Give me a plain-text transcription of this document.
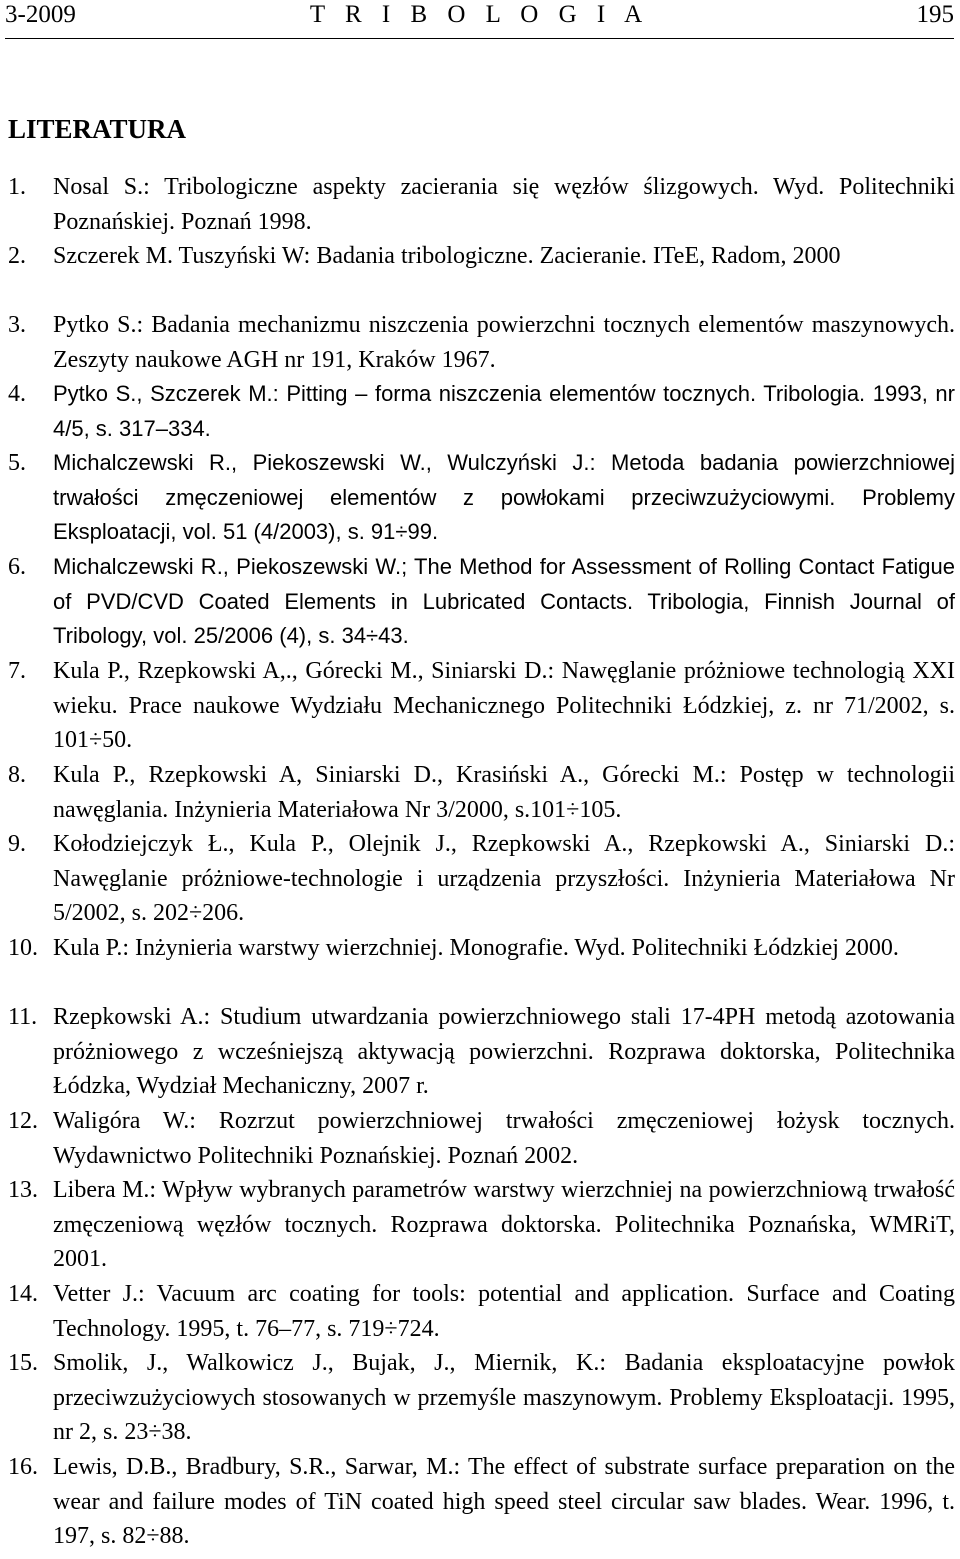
3-2009	T R I B O L O G I A	195
LITERATURA
1. Nosal S.: Tribologiczne aspekty zacierania się węzłów ślizgowych. Wyd. Politechniki Poznańskiej. Poznań 1998.
2. Szczerek M. Tuszyński W: Badania tribologiczne. Zacieranie. ITeE, Radom, 2000
3. Pytko S.: Badania mechanizmu niszczenia powierzchni tocznych elementów maszynowych. Zeszyty naukowe AGH nr 191, Kraków 1967.
4. Pytko S., Szczerek M.: Pitting – forma niszczenia elementów tocznych. Tribologia. 1993, nr 4/5, s. 317–334.
5. Michalczewski R., Piekoszewski W., Wulczyński J.: Metoda badania powierzchniowej trwałości zmęczeniowej elementów z powłokami przeciwzużyciowymi. Problemy Eksploatacji, vol. 51 (4/2003), s. 91÷99.
6. Michalczewski R., Piekoszewski W.; The Method for Assessment of Rolling Contact Fatigue of PVD/CVD Coated Elements in Lubricated Contacts. Tribologia, Finnish Journal of Tribology, vol. 25/2006 (4), s. 34÷43.
7. Kula P., Rzepkowski A,., Górecki M., Siniarski D.: Nawęglanie próżniowe technologią XXI wieku. Prace naukowe Wydziału Mechanicznego Politechniki Łódzkiej, z. nr 71/2002, s. 101÷50.
8. Kula P., Rzepkowski A, Siniarski D., Krasiński A., Górecki M.: Postęp w technologii nawęglania. Inżynieria Materiałowa Nr 3/2000, s.101÷105.
9. Kołodziejczyk Ł., Kula P., Olejnik J., Rzepkowski A., Rzepkowski A., Siniarski D.: Nawęglanie próżniowe-technologie i urządzenia przyszłości. Inżynieria Materiałowa Nr 5/2002, s. 202÷206.
10. Kula P.: Inżynieria warstwy wierzchniej. Monografie. Wyd. Politechniki Łódzkiej 2000.
11. Rzepkowski A.: Studium utwardzania powierzchniowego stali 17-4PH metodą azotowania próżniowego z wcześniejszą aktywacją powierzchni. Rozprawa doktorska, Politechnika Łódzka, Wydział Mechaniczny, 2007 r.
12. Waligóra W.: Rozrzut powierzchniowej trwałości zmęczeniowej łożysk tocznych. Wydawnictwo Politechniki Poznańskiej. Poznań 2002.
13. Libera M.: Wpływ wybranych parametrów warstwy wierzchniej na powierzchniową trwałość zmęczeniową węzłów tocznych. Rozprawa doktorska. Politechnika Poznańska, WMRiT, 2001.
14. Vetter J.: Vacuum arc coating for tools: potential and application. Surface and Coating Technology. 1995, t. 76–77, s. 719÷724.
15. Smolik, J., Walkowicz J., Bujak, J., Miernik, K.: Badania eksploatacyjne powłok przeciwzużyciowych stosowanych w przemyśle maszynowym. Problemy Eksploatacji. 1995, nr 2, s. 23÷38.
16. Lewis, D.B., Bradbury, S.R., Sarwar, M.: The effect of substrate surface preparation on the wear and failure modes of TiN coated high speed steel circular saw blades. Wear. 1996, t. 197, s. 82÷88.
